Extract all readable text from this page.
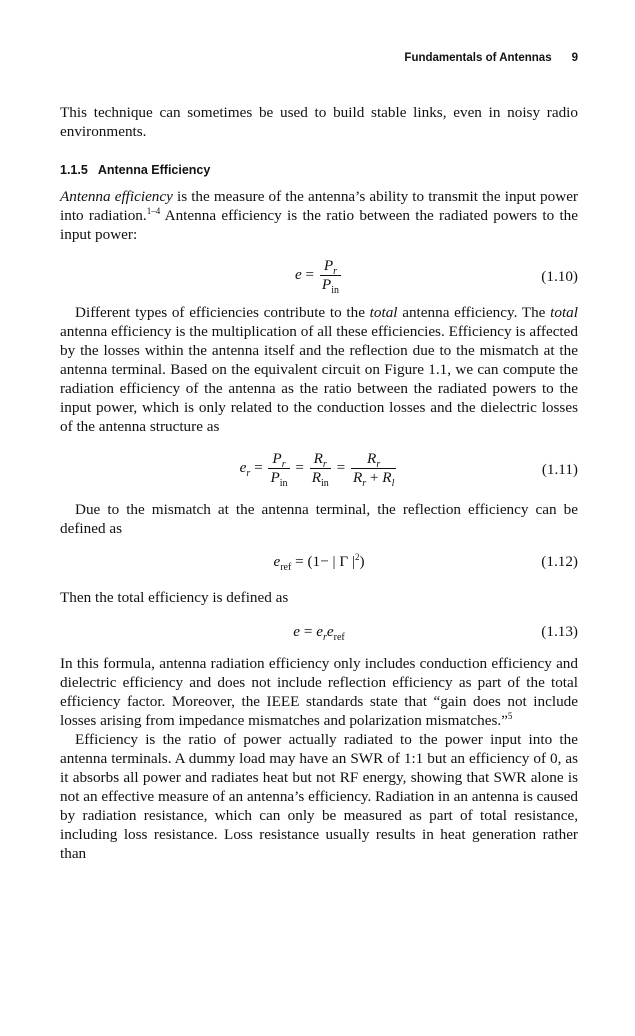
Fundamentals of Antennas 9

This technique can sometimes be used to build stable links, even in noisy radio environments.

1.1.5 Antenna Efficiency

Antenna efficiency is the measure of the antenna’s ability to transmit the input power into radiation.$^{1-4}$ Antenna efficiency is the ratio between the radiated powers to the input power:

$e = \frac{P_r}{P_{in}}$	(1.10)

Different types of efficiencies contribute to the total antenna efficiency. The total antenna efficiency is the multiplication of all these efficiencies. Efficiency is affected by the losses within the antenna itself and the reflection due to the mismatch at the antenna terminal. Based on the equivalent circuit on Figure 1.1, we can compute the radiation efficiency of the antenna as the ratio between the radiated powers to the input power, which is only related to the conduction losses and the dielectric losses of the antenna structure as

$e_r = \frac{P_r}{P_{in}} = \frac{R_r}{R_{in}} = \frac{R_r}{R_r + R_l}$	(1.11)

Due to the mismatch at the antenna terminal, the reflection efficiency can be defined as

$e_{ref} = (1-$ | Γ $|^2$)	(1.12)

Then the total efficiency is defined as

$e = e_re_{ref}$	(1.13)

In this formula, antenna radiation efficiency only includes conduction efficiency and dielectric efficiency and does not include reflection efficiency as part of the total efficiency factor. Moreover, the IEEE standards state that “gain does not include losses arising from impedance mismatches and polarization mismatches.”$^5$

Efficiency is the ratio of power actually radiated to the power input into the antenna terminals. A dummy load may have an SWR of 1:1 but an efficiency of 0, as it absorbs all power and radiates heat but not RF energy, showing that SWR alone is not an effective measure of an antenna’s efficiency. Radiation in an antenna is caused by radiation resistance, which can only be measured as part of total resistance, including loss resistance. Loss resistance usually results in heat generation rather than
